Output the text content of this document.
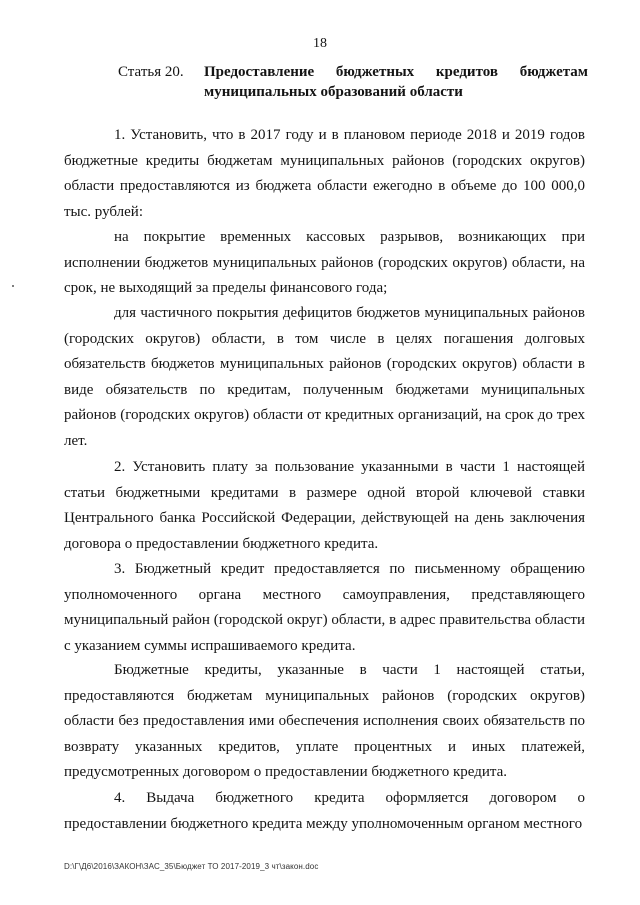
18
Статья 20. Предоставление бюджетных кредитов бюджетам муниципальных образований области

1. Установить, что в 2017 году и в плановом периоде 2018 и 2019 годов бюджетные кредиты бюджетам муниципальных районов (городских округов) области предоставляются из бюджета области ежегодно в объеме до 100 000,0 тыс. рублей:

на покрытие временных кассовых разрывов, возникающих при исполнении бюджетов муниципальных районов (городских округов) области, на срок, не выходящий за пределы финансового года;

для частичного покрытия дефицитов бюджетов муниципальных районов (городских округов) области, в том числе в целях погашения долговых обязательств бюджетов муниципальных районов (городских округов) области в виде обязательств по кредитам, полученным бюджетами муниципальных районов (городских округов) области от кредитных организаций, на срок до трех лет.

2. Установить плату за пользование указанными в части 1 настоящей статьи бюджетными кредитами в размере одной второй ключевой ставки Центрального банка Российской Федерации, действующей на день заключения договора о предоставлении бюджетного кредита.

3. Бюджетный кредит предоставляется по письменному обращению уполномоченного органа местного самоуправления, представляющего муниципальный район (городской округ) области, в адрес правительства области с указанием суммы испрашиваемого кредита.

Бюджетные кредиты, указанные в части 1 настоящей статьи, предоставляются бюджетам муниципальных районов (городских округов) области без предоставления ими обеспечения исполнения своих обязательств по возврату указанных кредитов, уплате процентных и иных платежей, предусмотренных договором о предоставлении бюджетного кредита.

4. Выдача бюджетного кредита оформляется договором о предоставлении бюджетного кредита между уполномоченным органом местного

D:\Г\Д6\2016\ЗАКОН\ЗАС_35\Бюджет ТО 2017-2019_3 чт\закон.doc
